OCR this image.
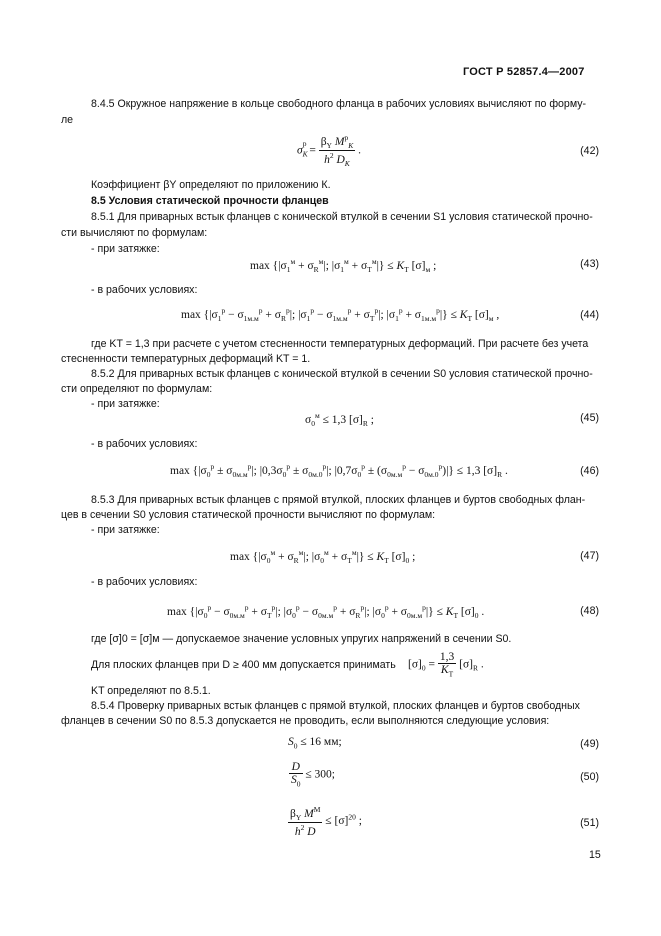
ГОСТ Р 52857.4—2007
8.4.5 Окружное напряжение в кольце свободного фланца в рабочих условиях вычисляют по форму-
ле
$\sigma_K^р = \frac{\beta_Y M^р_K}{h^2 D_K}$ .	(42)
Коэффициент βY определяют по приложению К.
8.5 Условия статической прочности фланцев
8.5.1 Для приварных встык фланцев с конической втулкой в сечении S1 условия статической прочно-
сти вычисляют по формулам:
- при затяжке:
$\max \{|\sigma_1^м + \sigma_R^м|$; $|\sigma_1^м + \sigma_T^м|\} \le K_T$ $[\sigma]_м$ ;	(43)
- в рабочих условиях:
$\max \{|\sigma_1^р - \sigma_{1м.м}^р + \sigma_R^р|$; $|\sigma_1^р - \sigma_{1м.м}^р + \sigma_T^р|$; $|\sigma_1^р + \sigma_{1м.м}^р|\} \le K_T$ $[\sigma]_м$ ,	(44)
где KT = 1,3 при расчете с учетом стесненности температурных деформаций. При расчете без учета
стесненности температурных деформаций KT = 1.
8.5.2 Для приварных встык фланцев с конической втулкой в сечении S0 условия статической прочно-
сти определяют по формулам:
- при затяжке:
$\sigma_0^м \le 1,3$ $[\sigma]_R$ ;	(45)
- в рабочих условиях:
$\max \{|\sigma_0^р \pm \sigma_{0м.м}^р|$; $|0,3\sigma_0^р \pm \sigma_{0м.0}^р|$; $|0,7\sigma_0^р \pm (\sigma_{0м.м}^р - \sigma_{0м.0}^р)|\} \le 1,3$ $[\sigma]_R$ .	(46)
8.5.3 Для приварных встык фланцев с прямой втулкой, плоских фланцев и буртов свободных флан-
цев в сечении S0 условия статической прочности вычисляют по формулам:
- при затяжке:
$\max \{|\sigma_0^м + \sigma_R^м|$; $|\sigma_0^м + \sigma_T^м|\} \le K_T$ $[\sigma]_0$ ;	(47)
- в рабочих условиях:
$\max \{|\sigma_0^р - \sigma_{0м.м}^р + \sigma_T^р|$; $|\sigma_0^р - \sigma_{0м.м}^р + \sigma_R^р|$; $|\sigma_0^р + \sigma_{0м.м}^р|\} \le K_T$ $[\sigma]_0$ .	(48)
где [σ]0 = [σ]м — допускаемое значение условных упругих напряжений в сечении S0.
Для плоских фланцев при D ≥ 400 мм допускается принимать	$[\sigma]_0 = \frac{1,3}{K_T} [\sigma]_R$ .
KT определяют по 8.5.1.
8.5.4 Проверку приварных встык фланцев с прямой втулкой, плоских фланцев и буртов свободных
фланцев в сечении S0 по 8.5.3 допускается не проводить, если выполняются следующие условия:
$S_0 \le 16$ мм;	(49)
$\frac{D}{S_0} \le 300$;	(50)
$\frac{\beta_Y M^M}{h^2 D} \le [\sigma]^{20}$ ;	(51)
15
